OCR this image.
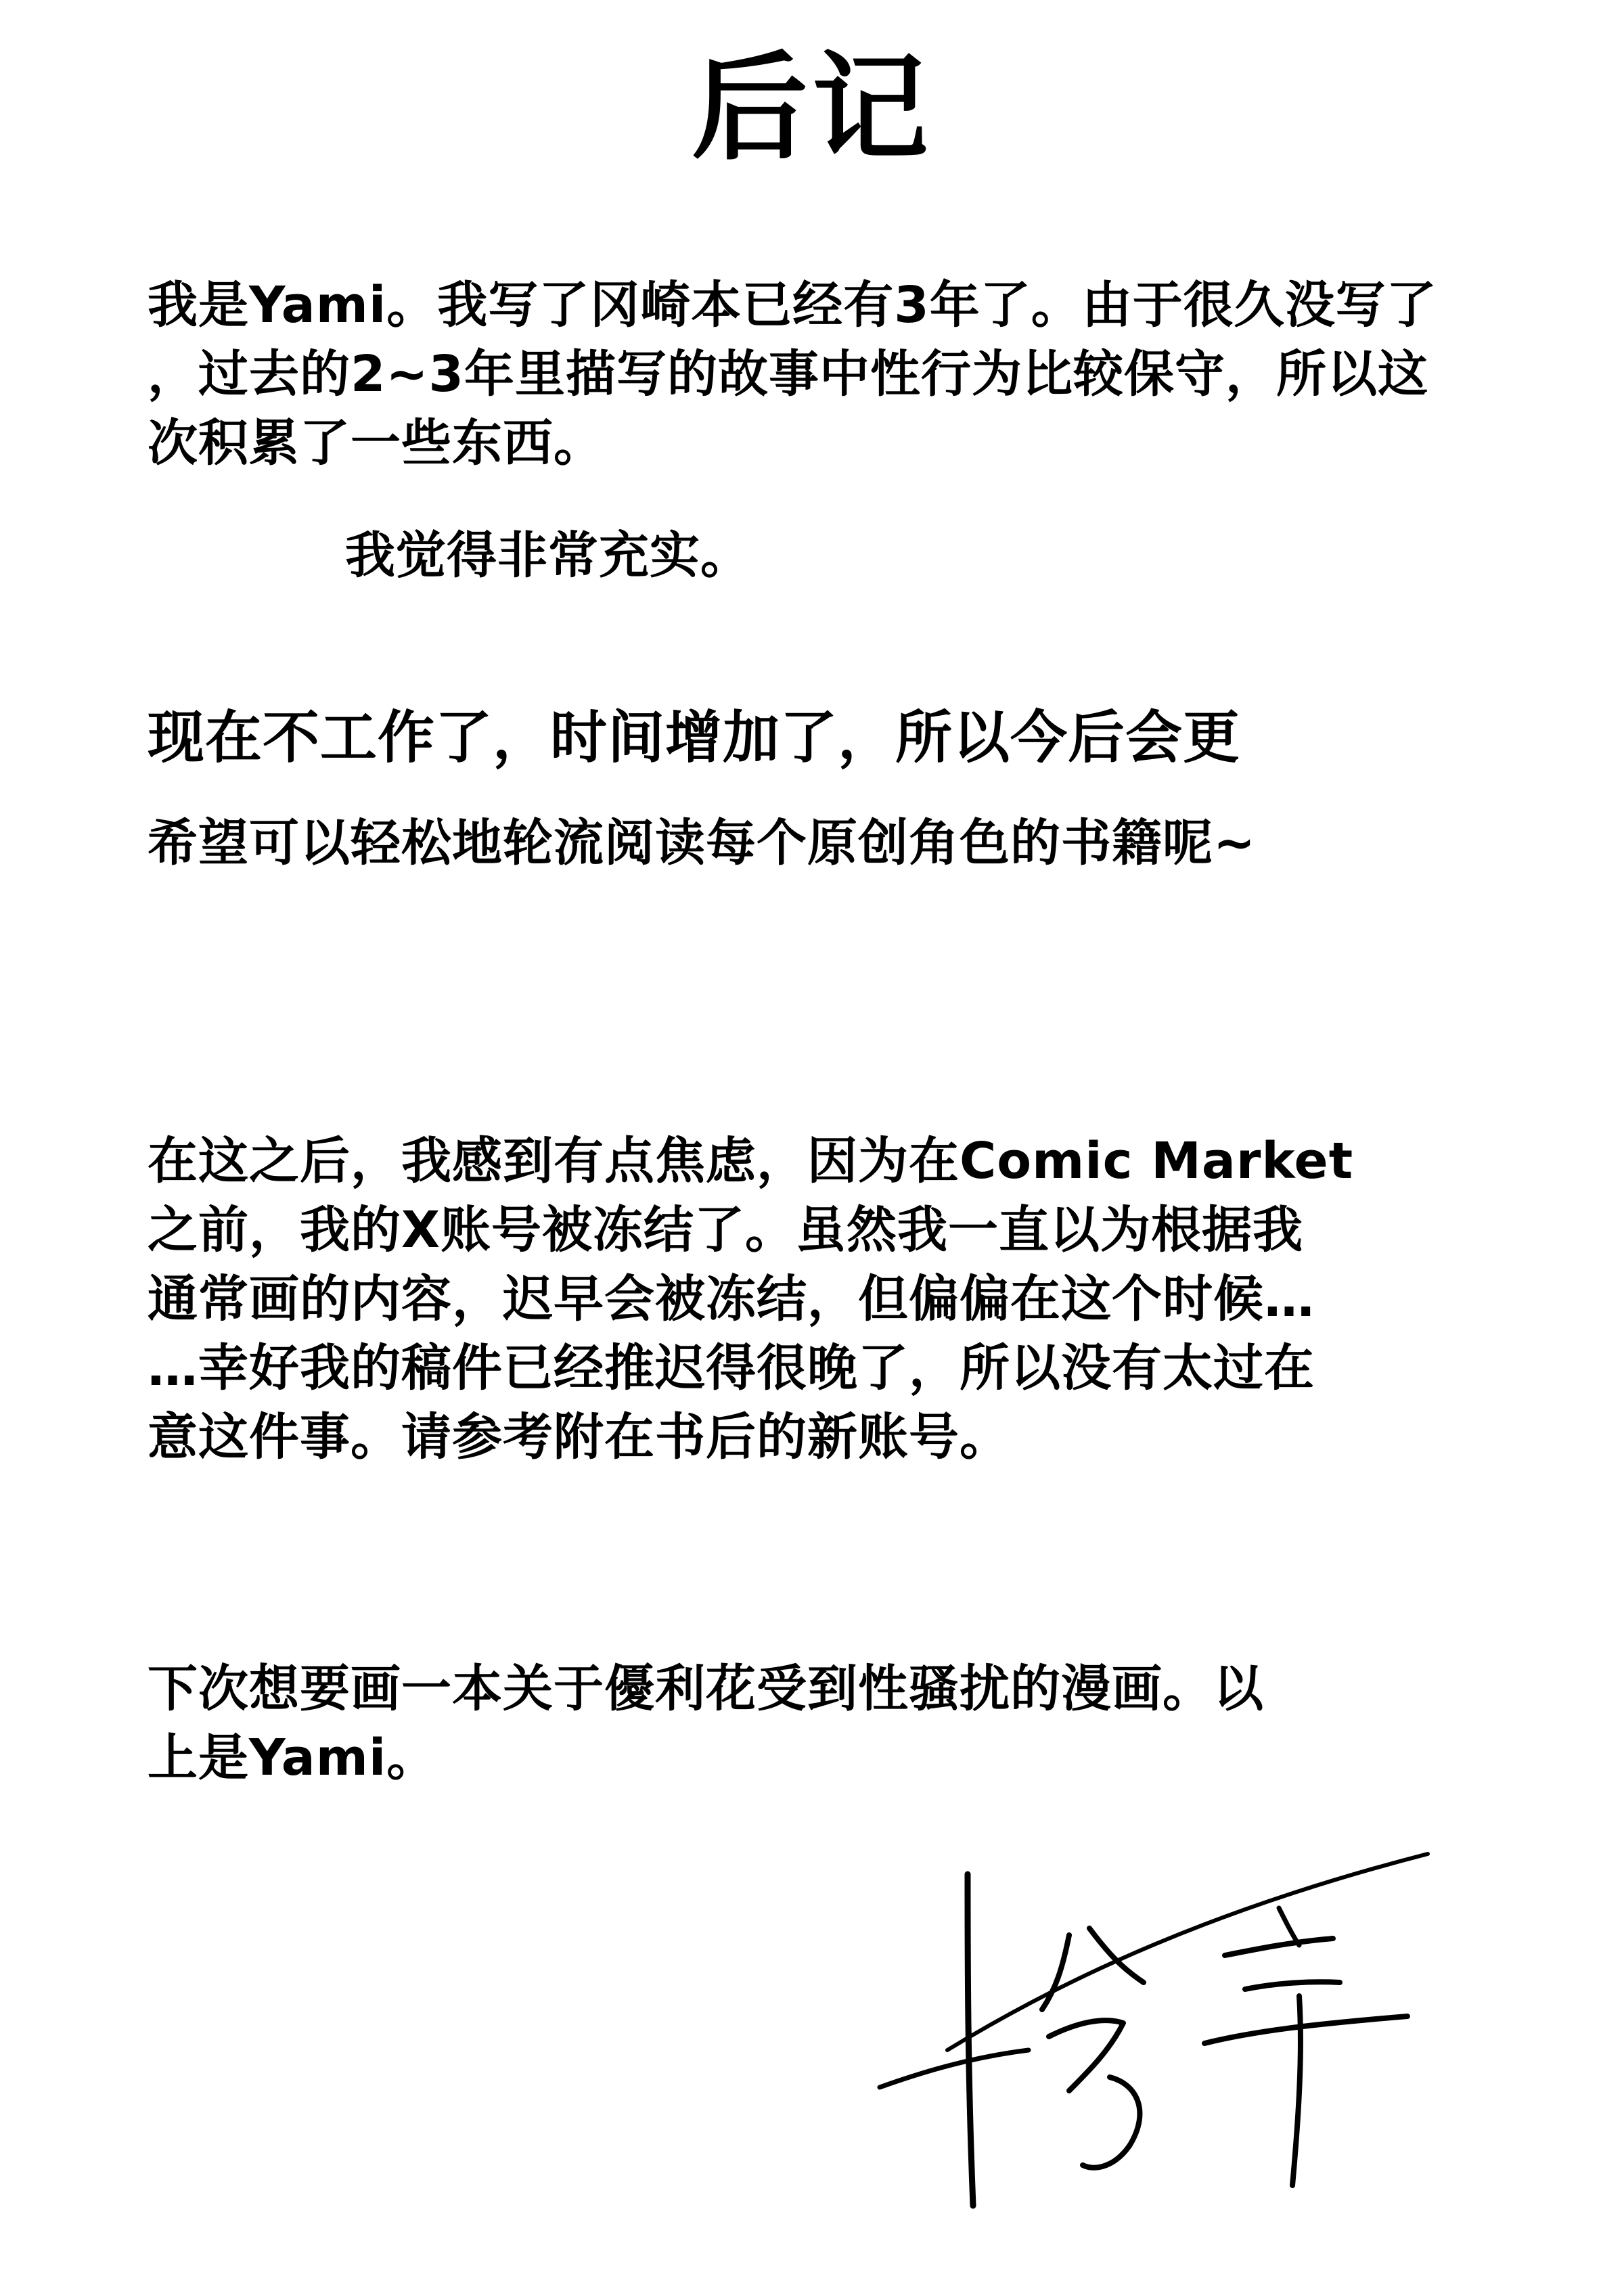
后记
我是Yami。我写了冈崎本已经有3年了。由于很久没写了
，过去的2~3年里描写的故事中性行为比较保守，所以这
次积累了一些东西。
我觉得非常充实。
现在不工作了，时间增加了，所以今后会更
希望可以轻松地轮流阅读每个原创角色的书籍呢~
在这之后，我感到有点焦虑，因为在Comic Market
之前，我的X账号被冻结了。虽然我一直以为根据我
通常画的内容，迟早会被冻结，但偏偏在这个时候…
…幸好我的稿件已经推迟得很晚了，所以没有太过在
意这件事。请参考附在书后的新账号。
下次想要画一本关于優利花受到性骚扰的漫画。以
上是Yami。
